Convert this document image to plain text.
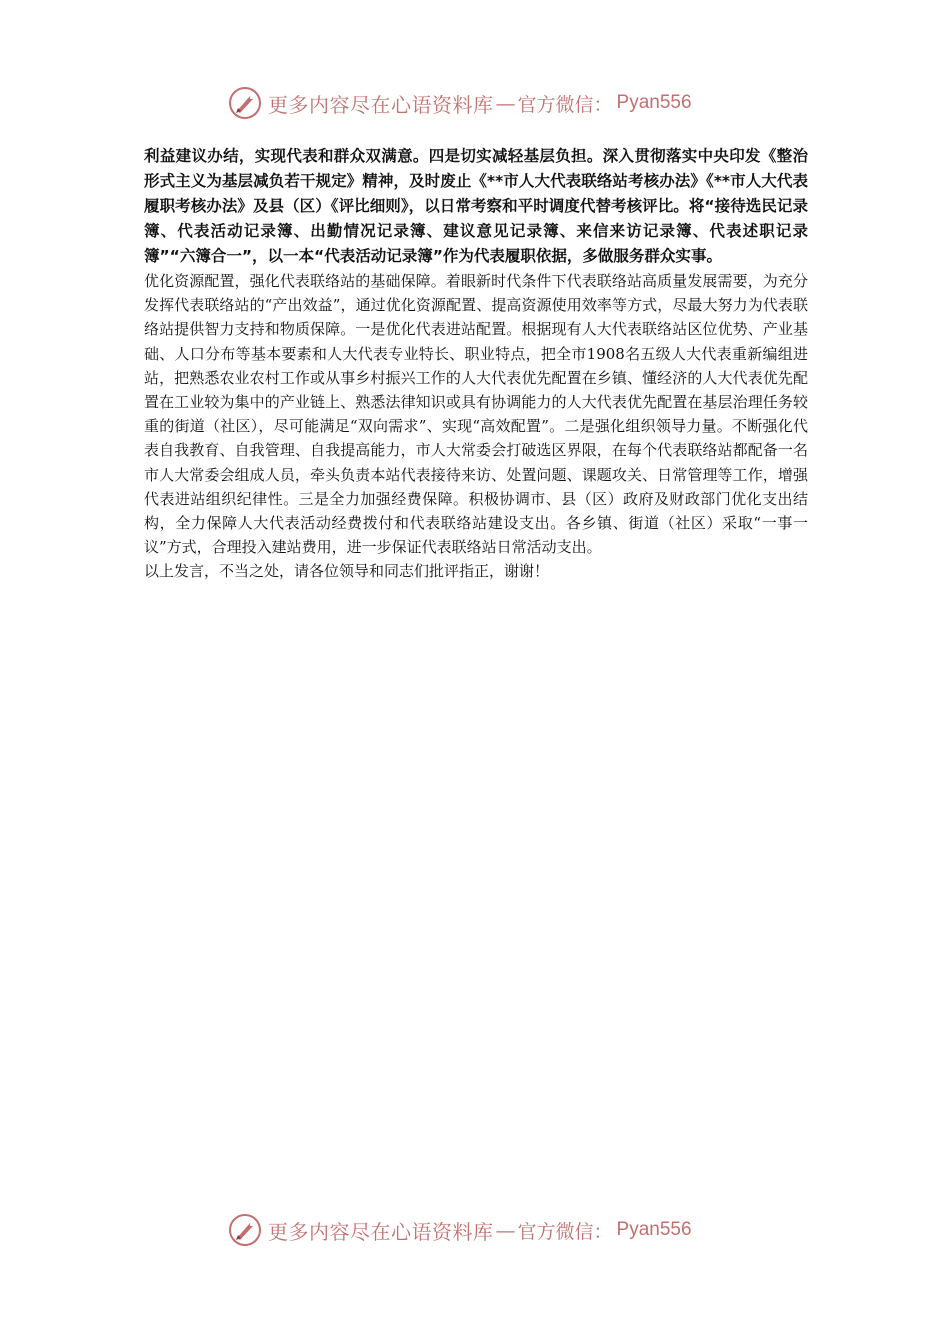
更多内容尽在心语资料库 — 官方微信： Pyan556

利益建议办结，实现代表和群众双满意。四是切实减轻基层负担。深入贯彻落实中央印发《整治形式主义为基层减负若干规定》精神，及时废止《**市人大代表联络站考核办法》《**市人大代表履职考核办法》及县（区）《评比细则》，以日常考察和平时调度代替考核评比。将“接待选民记录簿、代表活动记录簿、出勤情况记录簿、建议意见记录簿、来信来访记录簿、代表述职记录簿”“六簿合一”，以一本“代表活动记录簿”作为代表履职依据，多做服务群众实事。

优化资源配置，强化代表联络站的基础保障。着眼新时代条件下代表联络站高质量发展需要，为充分发挥代表联络站的“产出效益”，通过优化资源配置、提高资源使用效率等方式，尽最大努力为代表联络站提供智力支持和物质保障。一是优化代表进站配置。根据现有人大代表联络站区位优势、产业基础、人口分布等基本要素和人大代表专业特长、职业特点，把全市1908名五级人大代表重新编组进站，把熟悉农业农村工作或从事乡村振兴工作的人大代表优先配置在乡镇、懂经济的人大代表优先配置在工业较为集中的产业链上、熟悉法律知识或具有协调能力的人大代表优先配置在基层治理任务较重的街道（社区），尽可能满足“双向需求”、实现“高效配置”。二是强化组织领导力量。不断强化代表自我教育、自我管理、自我提高能力，市人大常委会打破选区界限，在每个代表联络站都配备一名市人大常委会组成人员，牵头负责本站代表接待来访、处置问题、课题攻关、日常管理等工作，增强代表进站组织纪律性。三是全力加强经费保障。积极协调市、县（区）政府及财政部门优化支出结构，全力保障人大代表活动经费拨付和代表联络站建设支出。各乡镇、街道（社区）采取“一事一议”方式，合理投入建站费用，进一步保证代表联络站日常活动支出。

以上发言，不当之处，请各位领导和同志们批评指正，谢谢！

更多内容尽在心语资料库 — 官方微信： Pyan556
